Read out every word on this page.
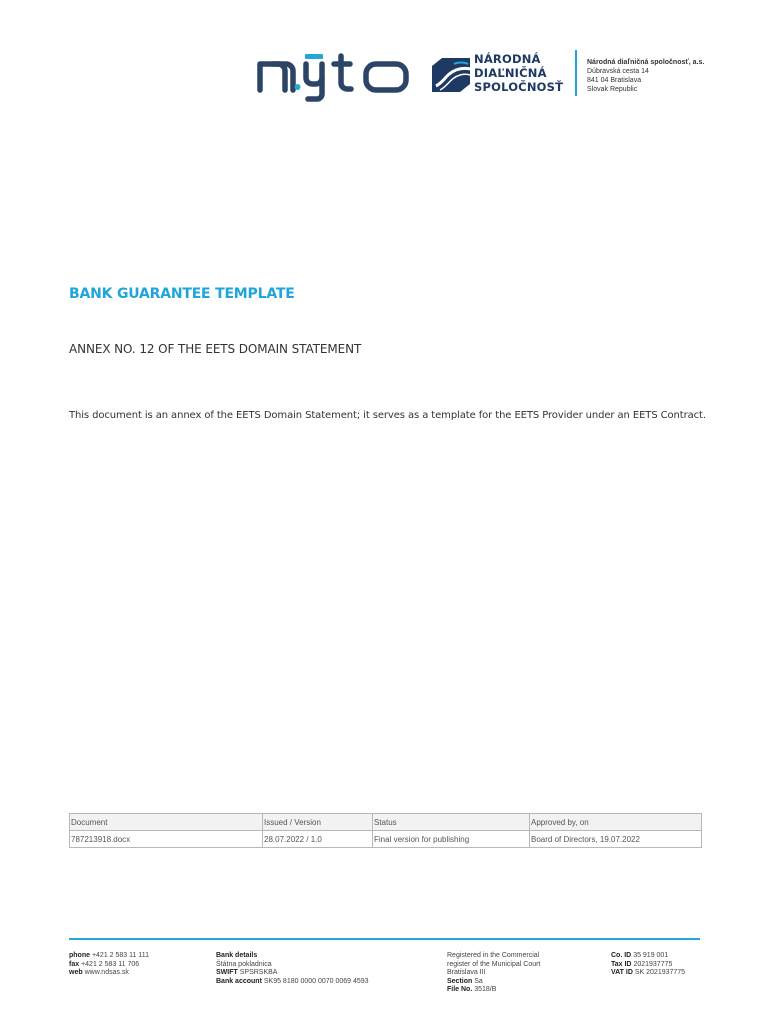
mýto
NÁRODNÁ
DIAĽNIČNÁ
SPOLOČNOSŤ
Národná diaľničná spoločnosť, a.s.
Dúbravská cesta 14
841 04 Bratislava
Slovak Republic
BANK GUARANTEE TEMPLATE
ANNEX NO. 12 OF THE EETS DOMAIN STATEMENT
This document is an annex of the EETS Domain Statement; it serves as a template for the EETS Provider under an EETS Contract.
Document	Issued / Version	Status	Approved by, on
787213918.docx	28.07.2022 / 1.0	Final version for publishing	Board of Directors, 19.07.2022
phone +421 2 583 11 111
fax +421 2 583 11 706
web www.ndsas.sk
Bank details
Štátna pokladnica
SWIFT SPSRSKBA
Bank account SK95 8180 0000 0070 0069 4593
Registered in the Commercial
register of the Municipal Court
Bratislava III
Section Sa
File No. 3518/B
Co. ID 35 919 001
Tax ID 2021937775
VAT ID SK 2021937775
